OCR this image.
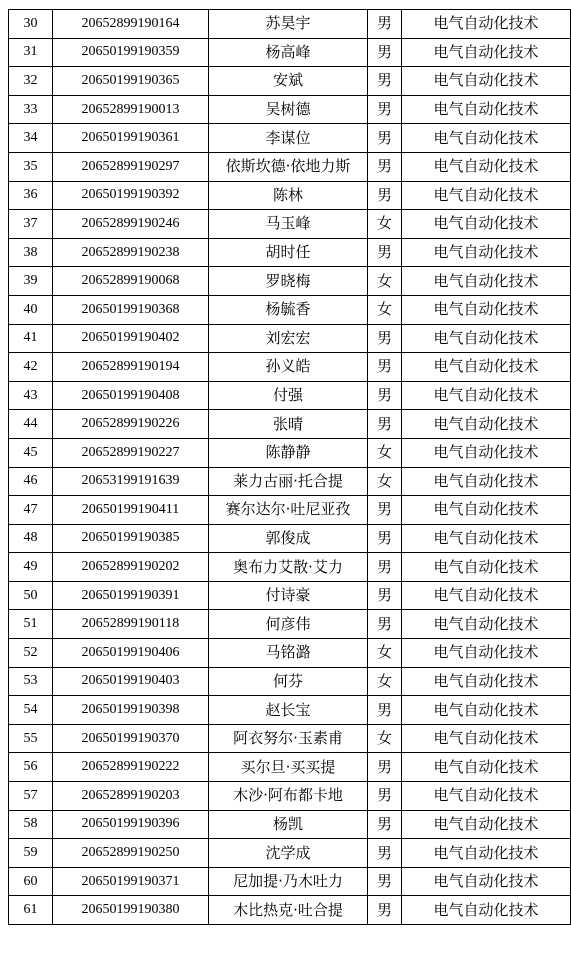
30	20652899190164	苏昊宇	男	电气自动化技术
31	20650199190359	杨高峰	男	电气自动化技术
32	20650199190365	安斌	男	电气自动化技术
33	20652899190013	吴树德	男	电气自动化技术
34	20650199190361	李谋位	男	电气自动化技术
35	20652899190297	依斯坎德·依地力斯	男	电气自动化技术
36	20650199190392	陈林	男	电气自动化技术
37	20652899190246	马玉峰	女	电气自动化技术
38	20652899190238	胡时任	男	电气自动化技术
39	20652899190068	罗晓梅	女	电气自动化技术
40	20650199190368	杨毓香	女	电气自动化技术
41	20650199190402	刘宏宏	男	电气自动化技术
42	20652899190194	孙义皓	男	电气自动化技术
43	20650199190408	付强	男	电气自动化技术
44	20652899190226	张晴	男	电气自动化技术
45	20652899190227	陈静静	女	电气自动化技术
46	20653199191639	莱力古丽·托合提	女	电气自动化技术
47	20650199190411	赛尔达尔·吐尼亚孜	男	电气自动化技术
48	20650199190385	郭俊成	男	电气自动化技术
49	20652899190202	奥布力艾散·艾力	男	电气自动化技术
50	20650199190391	付诗豪	男	电气自动化技术
51	20652899190118	何彦伟	男	电气自动化技术
52	20650199190406	马铭潞	女	电气自动化技术
53	20650199190403	何芬	女	电气自动化技术
54	20650199190398	赵长宝	男	电气自动化技术
55	20650199190370	阿衣努尔·玉素甫	女	电气自动化技术
56	20652899190222	买尔旦·买买提	男	电气自动化技术
57	20652899190203	木沙·阿布都卡地	男	电气自动化技术
58	20650199190396	杨凯	男	电气自动化技术
59	20652899190250	沈学成	男	电气自动化技术
60	20650199190371	尼加提·乃木吐力	男	电气自动化技术
61	20650199190380	木比热克·吐合提	男	电气自动化技术
